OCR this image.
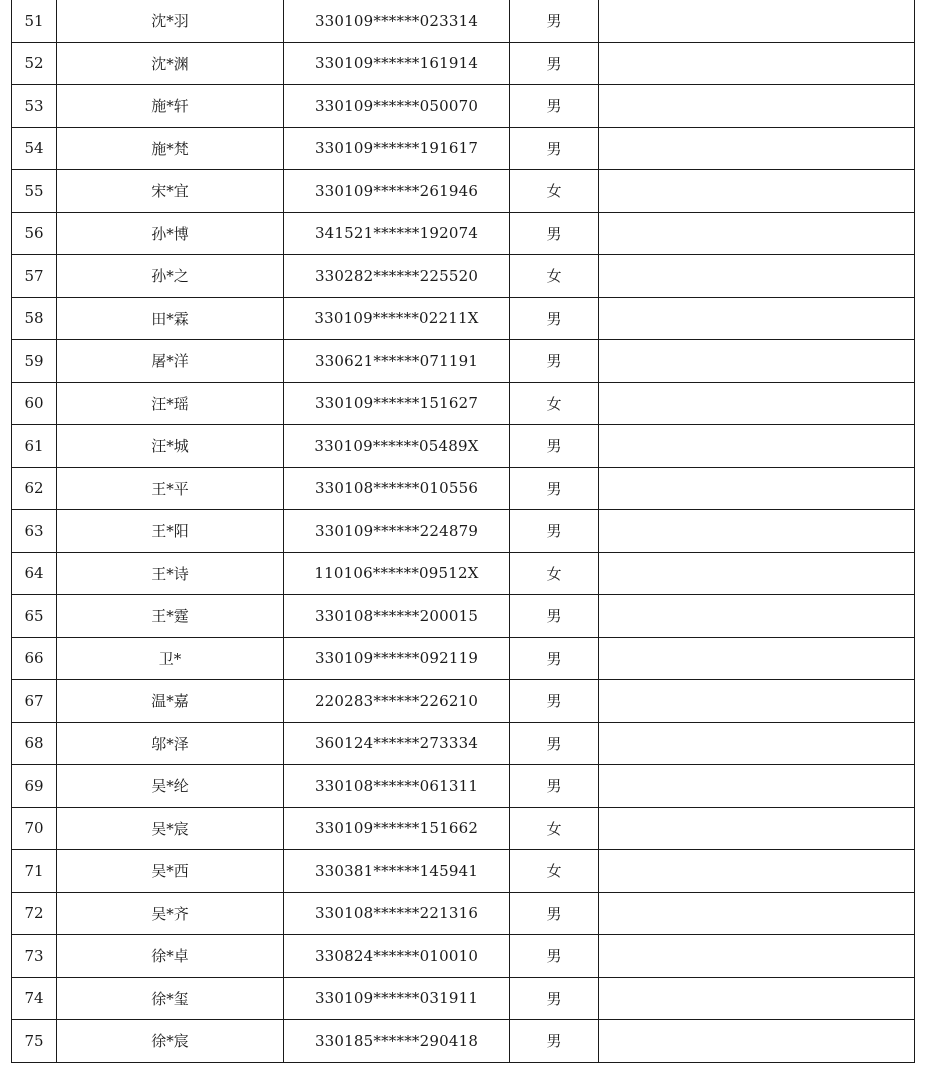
51	沈*羽	330109******023314	男	
52	沈*渊	330109******161914	男	
53	施*轩	330109******050070	男	
54	施*梵	330109******191617	男	
55	宋*宜	330109******261946	女	
56	孙*博	341521******192074	男	
57	孙*之	330282******225520	女	
58	田*霖	330109******02211X	男	
59	屠*洋	330621******071191	男	
60	汪*瑶	330109******151627	女	
61	汪*城	330109******05489X	男	
62	王*平	330108******010556	男	
63	王*阳	330109******224879	男	
64	王*诗	110106******09512X	女	
65	王*霆	330108******200015	男	
66	卫*	330109******092119	男	
67	温*嘉	220283******226210	男	
68	邬*泽	360124******273334	男	
69	吴*纶	330108******061311	男	
70	吴*宸	330109******151662	女	
71	吴*西	330381******145941	女	
72	吴*齐	330108******221316	男	
73	徐*卓	330824******010010	男	
74	徐*玺	330109******031911	男	
75	徐*宸	330185******290418	男	
